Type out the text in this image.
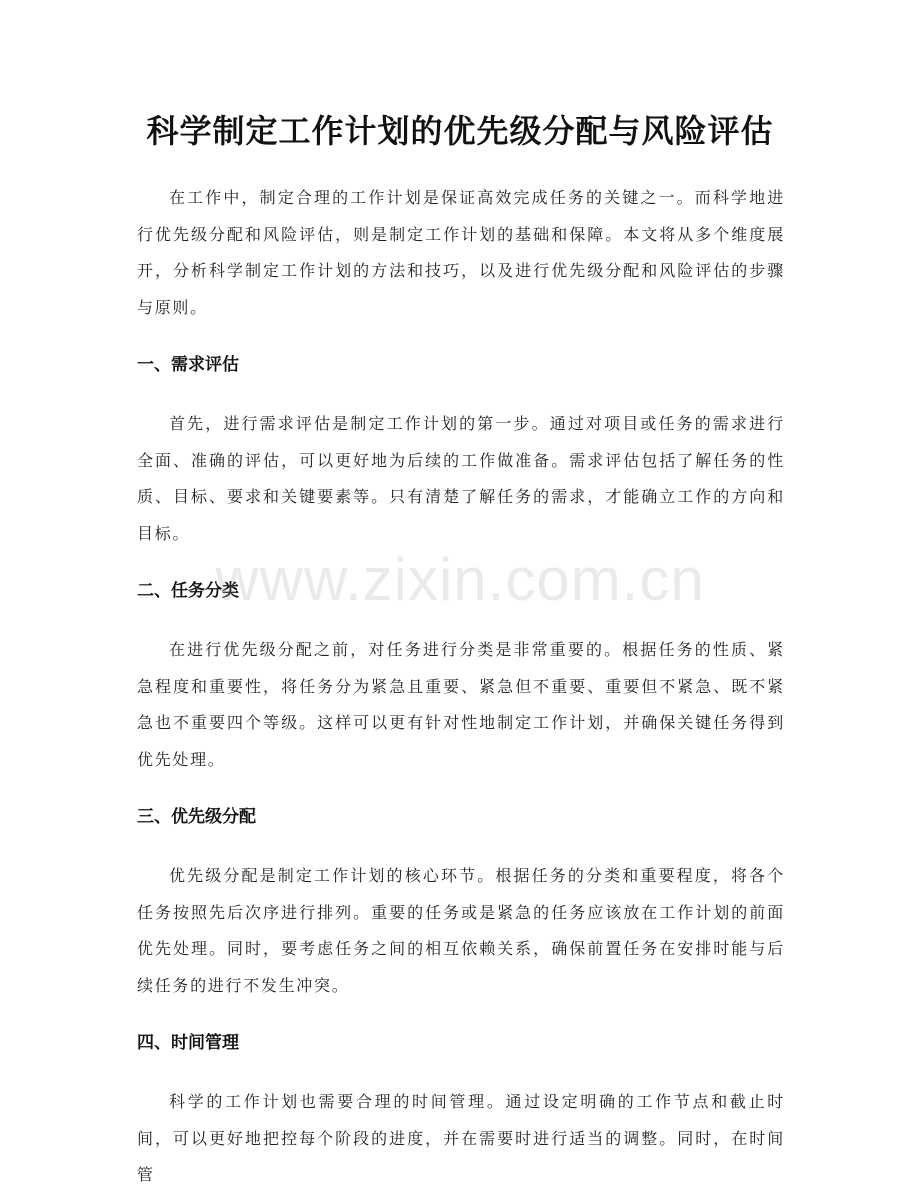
科学制定工作计划的优先级分配与风险评估

在工作中，制定合理的工作计划是保证高效完成任务的关键之一。而科学地进行优先级分配和风险评估，则是制定工作计划的基础和保障。本文将从多个维度展开，分析科学制定工作计划的方法和技巧，以及进行优先级分配和风险评估的步骤与原则。

一、需求评估

首先，进行需求评估是制定工作计划的第一步。通过对项目或任务的需求进行全面、准确的评估，可以更好地为后续的工作做准备。需求评估包括了解任务的性质、目标、要求和关键要素等。只有清楚了解任务的需求，才能确立工作的方向和目标。

二、任务分类

在进行优先级分配之前，对任务进行分类是非常重要的。根据任务的性质、紧急程度和重要性，将任务分为紧急且重要、紧急但不重要、重要但不紧急、既不紧急也不重要四个等级。这样可以更有针对性地制定工作计划，并确保关键任务得到优先处理。

三、优先级分配

优先级分配是制定工作计划的核心环节。根据任务的分类和重要程度，将各个任务按照先后次序进行排列。重要的任务或是紧急的任务应该放在工作计划的前面优先处理。同时，要考虑任务之间的相互依赖关系，确保前置任务在安排时能与后续任务的进行不发生冲突。

四、时间管理

科学的工作计划也需要合理的时间管理。通过设定明确的工作节点和截止时间，可以更好地把控每个阶段的进度，并在需要时进行适当的调整。同时，在时间管

www.zixin.com.cn
